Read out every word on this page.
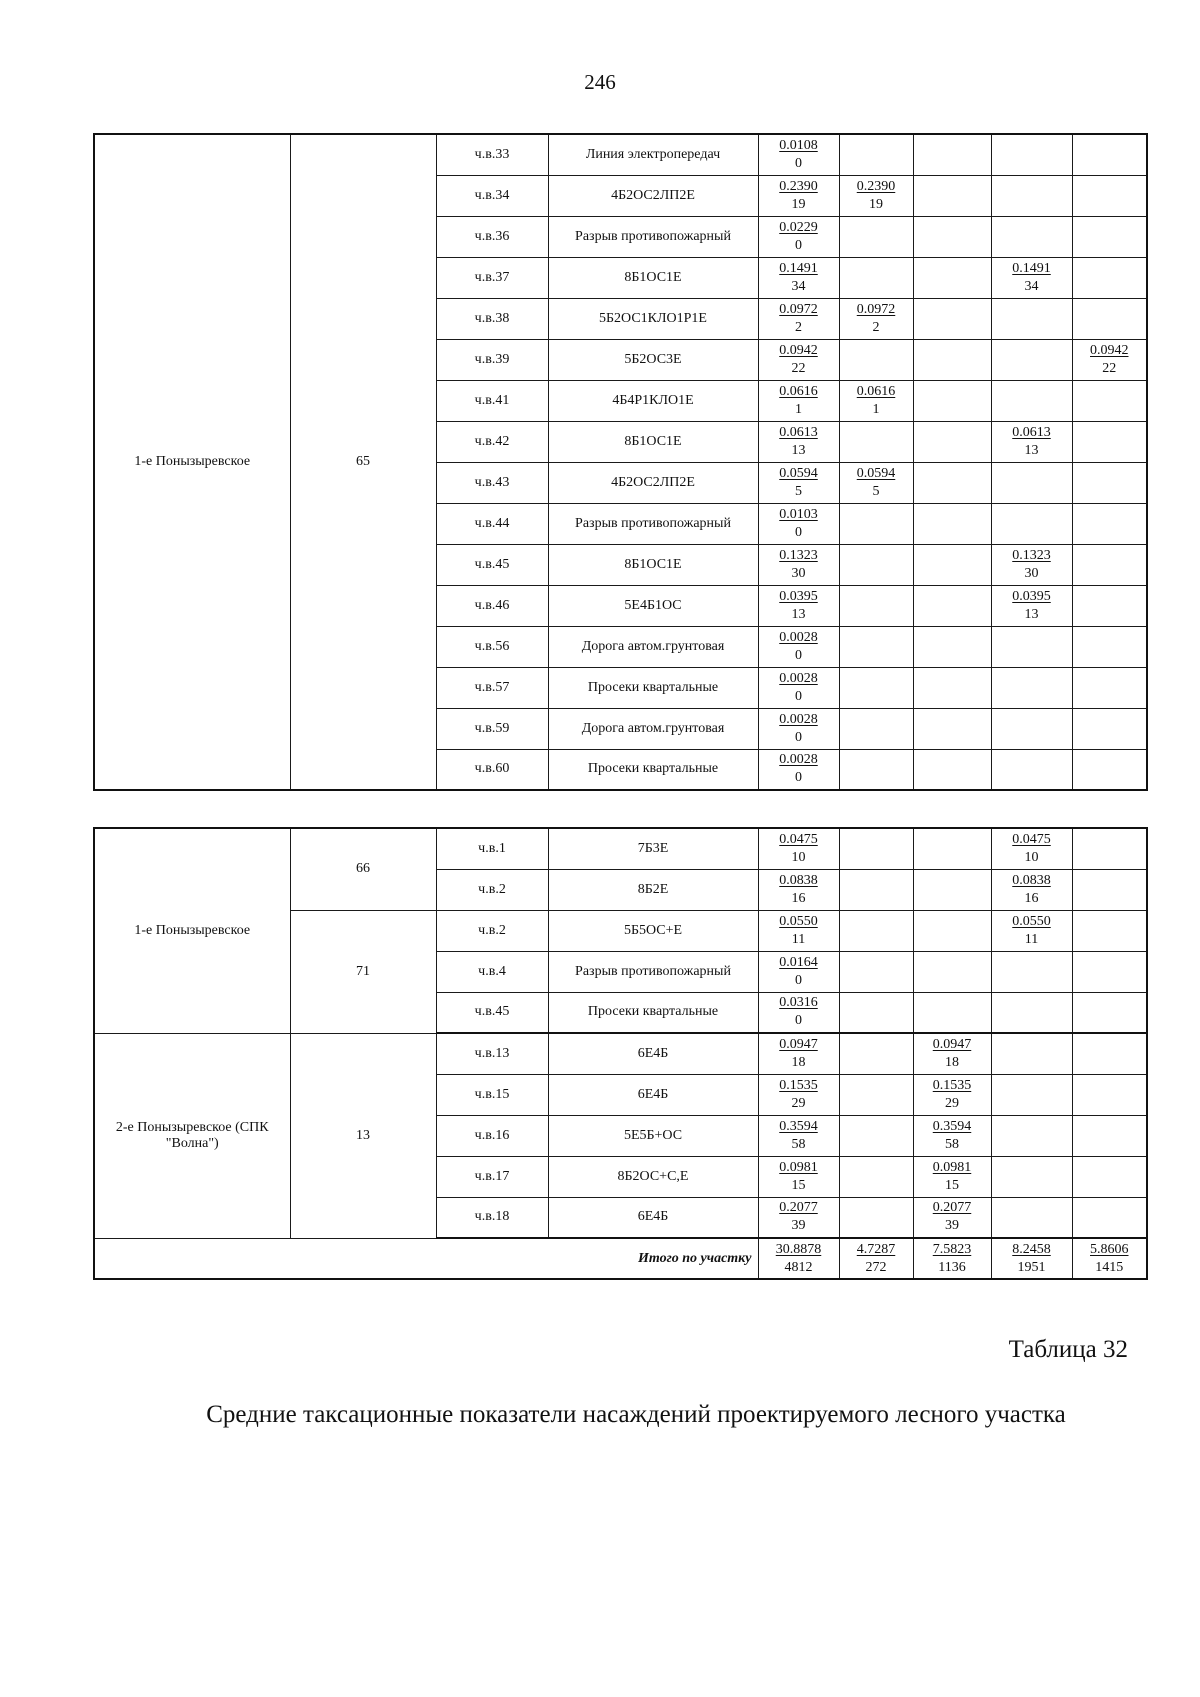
246
1-е Понызыревское	65	ч.в.33	Линия электропередач	$\frac{0.0108}{0}$

		ч.в.34	4Б2ОС2ЛП2Е	$\frac{0.2390}{19}$	$\frac{0.2390}{19}$

		ч.в.36	Разрыв противопожарный	$\frac{0.0229}{0}$

		ч.в.37	8Б1ОС1Е	$\frac{0.1491}{34}$			$\frac{0.1491}{34}$

		ч.в.38	5Б2ОС1КЛО1Р1Е	$\frac{0.0972}{2}$	$\frac{0.0972}{2}$

		ч.в.39	5Б2ОС3Е	$\frac{0.0942}{22}$				$\frac{0.0942}{22}$

		ч.в.41	4Б4Р1КЛО1Е	$\frac{0.0616}{1}$	$\frac{0.0616}{1}$

		ч.в.42	8Б1ОС1Е	$\frac{0.0613}{13}$			$\frac{0.0613}{13}$

		ч.в.43	4Б2ОС2ЛП2Е	$\frac{0.0594}{5}$	$\frac{0.0594}{5}$

		ч.в.44	Разрыв противопожарный	$\frac{0.0103}{0}$

		ч.в.45	8Б1ОС1Е	$\frac{0.1323}{30}$			$\frac{0.1323}{30}$

		ч.в.46	5Е4Б1ОС	$\frac{0.0395}{13}$			$\frac{0.0395}{13}$

		ч.в.56	Дорога автом.грунтовая	$\frac{0.0028}{0}$

		ч.в.57	Просеки квартальные	$\frac{0.0028}{0}$

		ч.в.59	Дорога автом.грунтовая	$\frac{0.0028}{0}$

		ч.в.60	Просеки квартальные	$\frac{0.0028}{0}$

1-е Понызыревское	66	ч.в.1	7Б3Е	$\frac{0.0475}{10}$			$\frac{0.0475}{10}$

		ч.в.2	8Б2Е	$\frac{0.0838}{16}$			$\frac{0.0838}{16}$

	71	ч.в.2	5Б5ОС+Е	$\frac{0.0550}{11}$			$\frac{0.0550}{11}$

		ч.в.4	Разрыв противопожарный	$\frac{0.0164}{0}$

		ч.в.45	Просеки квартальные	$\frac{0.0316}{0}$

2-е Понызыревское (СПК "Волна")	13	ч.в.13	6Е4Б	$\frac{0.0947}{18}$		$\frac{0.0947}{18}$

		ч.в.15	6Е4Б	$\frac{0.1535}{29}$		$\frac{0.1535}{29}$

		ч.в.16	5Е5Б+ОС	$\frac{0.3594}{58}$		$\frac{0.3594}{58}$

		ч.в.17	8Б2ОС+С,Е	$\frac{0.0981}{15}$		$\frac{0.0981}{15}$

		ч.в.18	6Е4Б	$\frac{0.2077}{39}$		$\frac{0.2077}{39}$

Итого по участку				$\frac{30.8878}{4812}$	$\frac{4.7287}{272}$	$\frac{7.5823}{1136}$	$\frac{8.2458}{1951}$	$\frac{5.8606}{1415}$
Таблица 32
Средние таксационные показатели насаждений проектируемого лесного участка
